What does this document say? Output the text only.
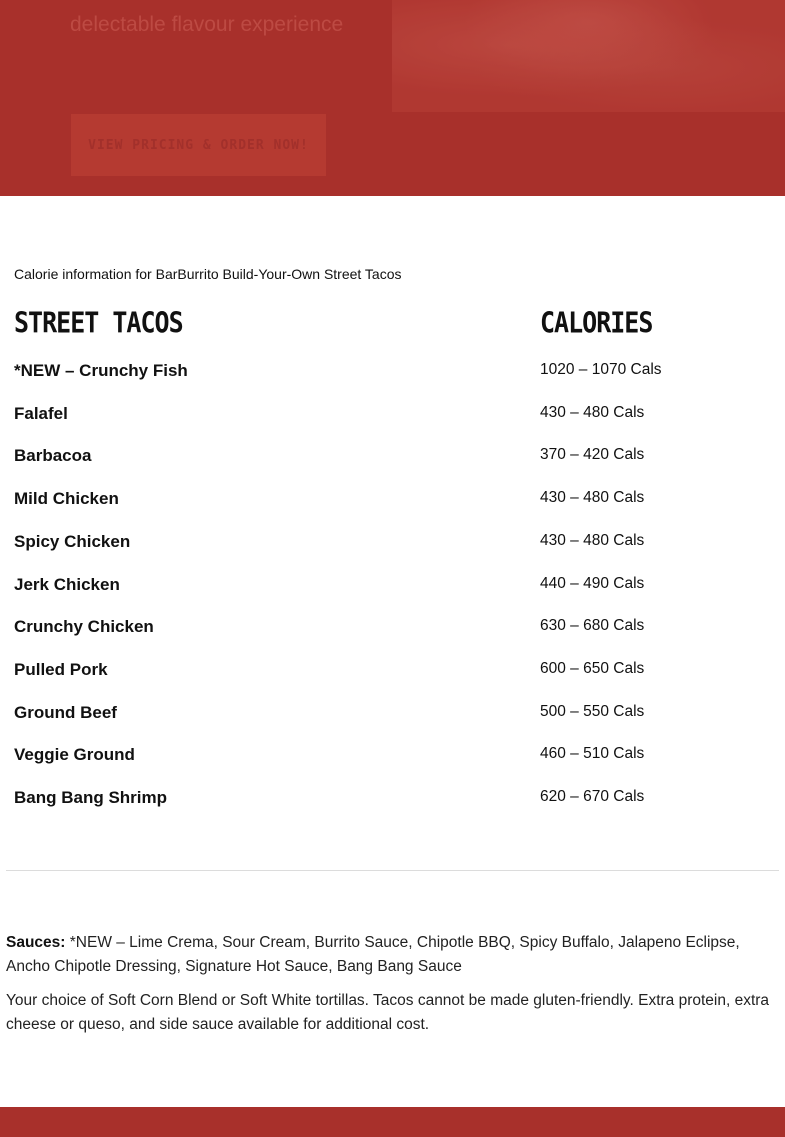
delectable flavour experience
VIEW PRICING & ORDER NOW!
Calorie information for BarBurrito Build-Your-Own Street Tacos
STREET TACOS	CALORIES
*NEW – Crunchy Fish	1020 – 1070 Cals
Falafel	430 – 480 Cals
Barbacoa	370 – 420 Cals
Mild Chicken	430 – 480 Cals
Spicy Chicken	430 – 480 Cals
Jerk Chicken	440 – 490 Cals
Crunchy Chicken	630 – 680 Cals
Pulled Pork	600 – 650 Cals
Ground Beef	500 – 550 Cals
Veggie Ground	460 – 510 Cals
Bang Bang Shrimp	620 – 670 Cals
Sauces: *NEW – Lime Crema, Sour Cream, Burrito Sauce, Chipotle BBQ, Spicy Buffalo, Jalapeno Eclipse, Ancho Chipotle Dressing, Signature Hot Sauce, Bang Bang Sauce
Your choice of Soft Corn Blend or Soft White tortillas. Tacos cannot be made gluten-friendly. Extra protein, extra cheese or queso, and side sauce available for additional cost.
